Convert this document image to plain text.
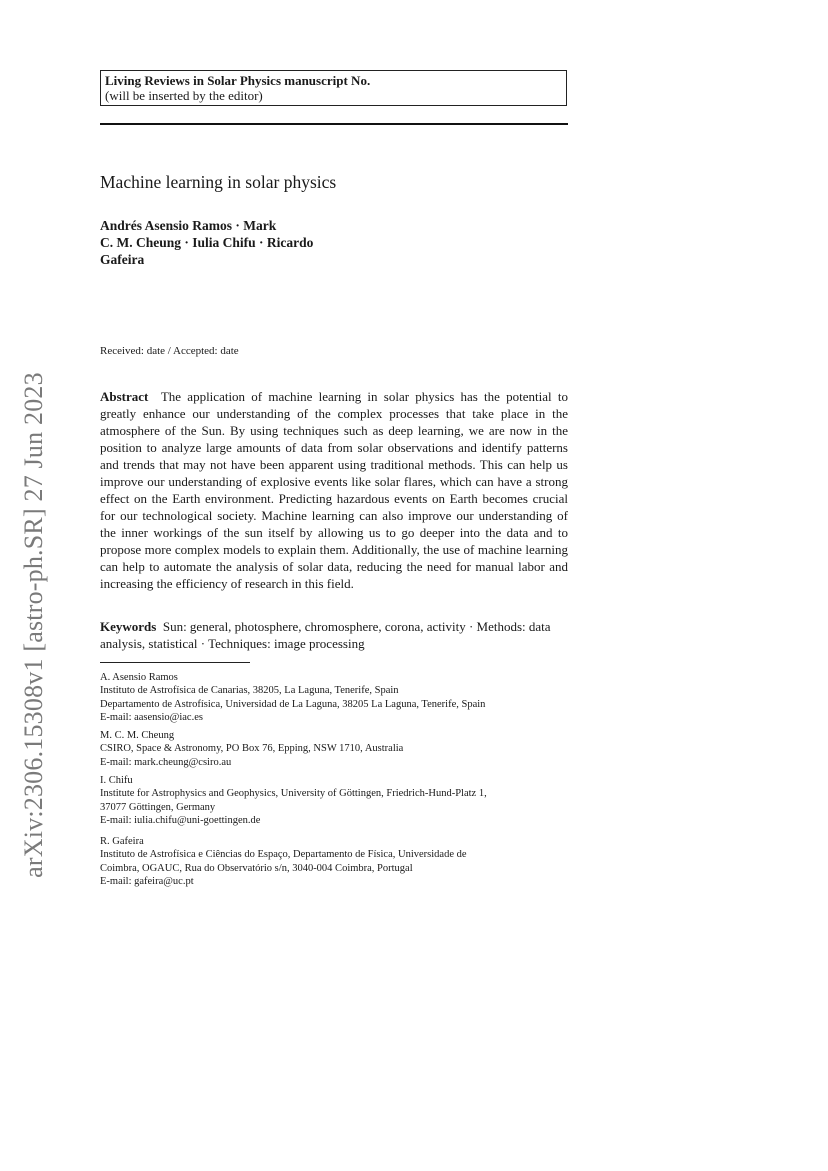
arXiv:2306.15308v1 [astro-ph.SR] 27 Jun 2023
Living Reviews in Solar Physics manuscript No.
(will be inserted by the editor)
Machine learning in solar physics
Andrés Asensio Ramos · Mark
C. M. Cheung · Iulia Chifu · Ricardo
Gafeira
Received: date / Accepted: date

Abstract The application of machine learning in solar physics has the potential to greatly enhance our understanding of the complex processes that take place in the atmosphere of the Sun. By using techniques such as deep learning, we are now in the position to analyze large amounts of data from solar observations and identify patterns and trends that may not have been apparent using traditional methods. This can help us improve our understanding of explosive events like solar flares, which can have a strong effect on the Earth environment. Predicting hazardous events on Earth becomes crucial for our technological society. Machine learning can also improve our understanding of the inner workings of the sun itself by allowing us to go deeper into the data and to propose more complex models to explain them. Additionally, the use of machine learning can help to automate the analysis of solar data, reducing the need for manual labor and increasing the efficiency of research in this field.

Keywords Sun: general, photosphere, chromosphere, corona, activity · Methods: data analysis, statistical · Techniques: image processing

A. Asensio Ramos
Instituto de Astrofísica de Canarias, 38205, La Laguna, Tenerife, Spain
Departamento de Astrofísica, Universidad de La Laguna, 38205 La Laguna, Tenerife, Spain
E-mail: aasensio@iac.es
M. C. M. Cheung
CSIRO, Space & Astronomy, PO Box 76, Epping, NSW 1710, Australia
E-mail: mark.cheung@csiro.au
I. Chifu
Institute for Astrophysics and Geophysics, University of Göttingen, Friedrich-Hund-Platz 1,
37077 Göttingen, Germany
E-mail: iulia.chifu@uni-goettingen.de
R. Gafeira
Instituto de Astrofísica e Ciências do Espaço, Departamento de Física, Universidade de
Coimbra, OGAUC, Rua do Observatório s/n, 3040-004 Coimbra, Portugal
E-mail: gafeira@uc.pt
